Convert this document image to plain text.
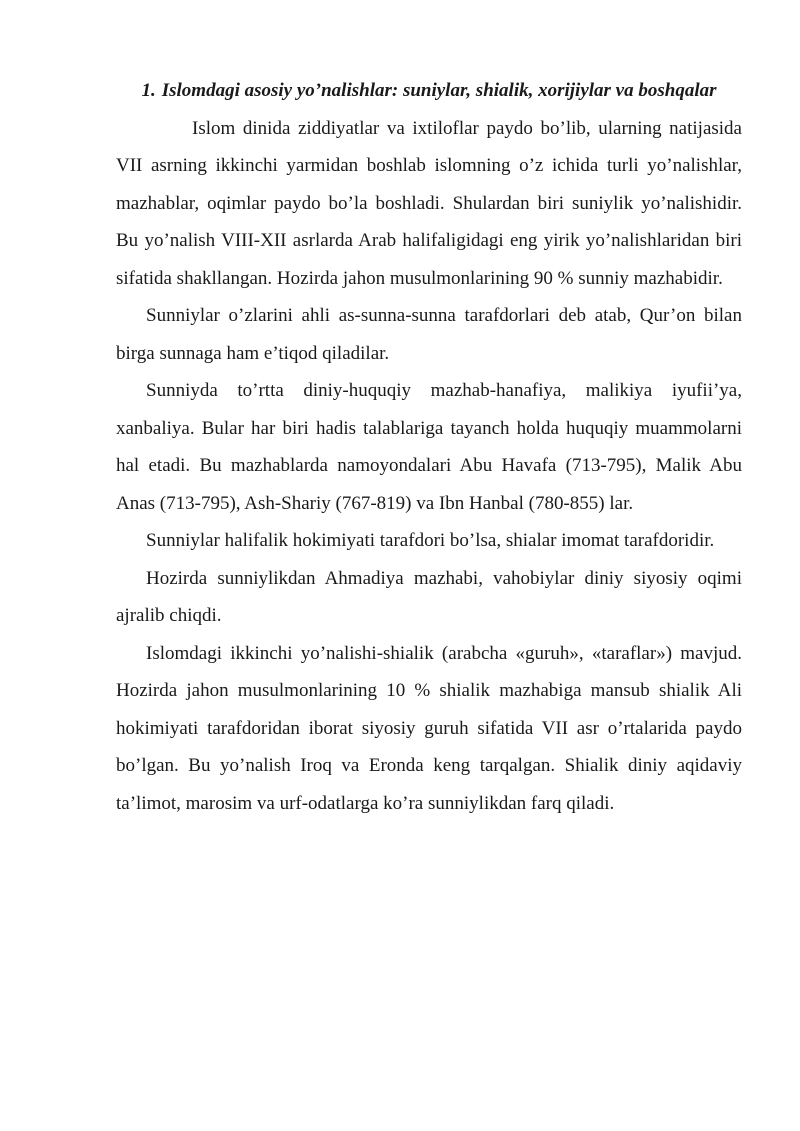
1. Islomdagi asosiy yo’nalishlar: suniylar, shialik, xorijiylar va boshqalar

Islom dinida ziddiyatlar va ixtiloflar paydo bo’lib, ularning natijasida VII asrning ikkinchi yarmidan boshlab islomning o’z ichida turli yo’nalishlar, mazhablar, oqimlar paydo bo’la boshladi. Shulardan biri suniylik yo’nalishidir. Bu yo’nalish VIII-XII asrlarda Arab halifaligidagi eng yirik yo’nalishlaridan biri sifatida shakllangan. Hozirda jahon musulmonlarining 90 % sunniy mazhabidir.

Sunniylar o’zlarini ahli as-sunna-sunna tarafdorlari deb atab, Qur’on bilan birga sunnaga ham e’tiqod qiladilar.

Sunniyda to’rtta diniy-huquqiy mazhab-hanafiya, malikiya iyufii’ya, xanbaliya. Bular har biri hadis talablariga tayanch holda huquqiy muammolarni hal etadi. Bu mazhablarda namoyondalari Abu Havafa (713-795), Malik Abu Anas (713-795), Ash-Shariy (767-819) va Ibn Hanbal (780-855) lar.

Sunniylar halifalik hokimiyati tarafdori bo’lsa, shialar imomat tarafdoridir.

Hozirda sunniylikdan Ahmadiya mazhabi, vahobiylar diniy siyosiy oqimi ajralib chiqdi.

Islomdagi ikkinchi yo’nalishi-shialik (arabcha «guruh», «taraflar») mavjud. Hozirda jahon musulmonlarining 10 % shialik mazhabiga mansub shialik Ali hokimiyati tarafdoridan iborat siyosiy guruh sifatida VII asr o’rtalarida paydo bo’lgan. Bu yo’nalish Iroq va Eronda keng tarqalgan. Shialik diniy aqidaviy ta’limot, marosim va urf-odatlarga ko’ra sunniylikdan farq qiladi.
